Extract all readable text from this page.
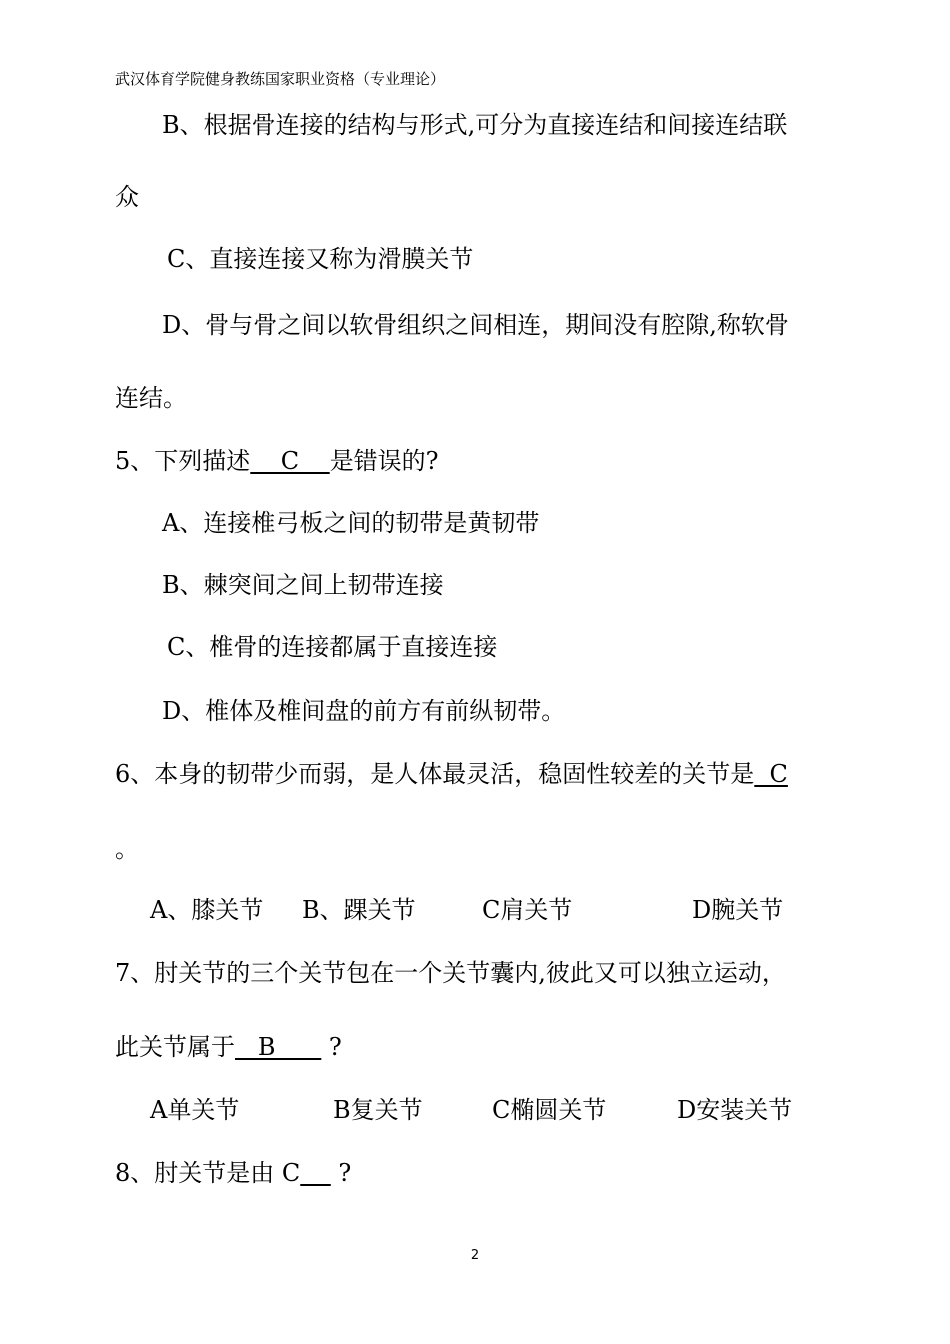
武汉体育学院健身教练国家职业资格（专业理论）
B、根据骨连接的结构与形式,可分为直接连结和间接连结联
众
C、直接连接又称为滑膜关节
D、骨与骨之间以软骨组织之间相连，期间没有腔隙,称软骨
连结。
5、下列描述    C    是错误的?
A、连接椎弓板之间的韧带是黄韧带
B、棘突间之间上韧带连接
C、椎骨的连接都属于直接连接
D、椎体及椎间盘的前方有前纵韧带。
6、本身的韧带少而弱，是人体最灵活，稳固性较差的关节是  C
。
A、膝关节 B、踝关节	C肩关节	D腕关节
7、肘关节的三个关节包在一个关节囊内,彼此又可以独立运动，
此关节属于   B       ?
A单关节	B复关节	C椭圆关节	D安装关节
8、肘关节是由 C     ?
2
